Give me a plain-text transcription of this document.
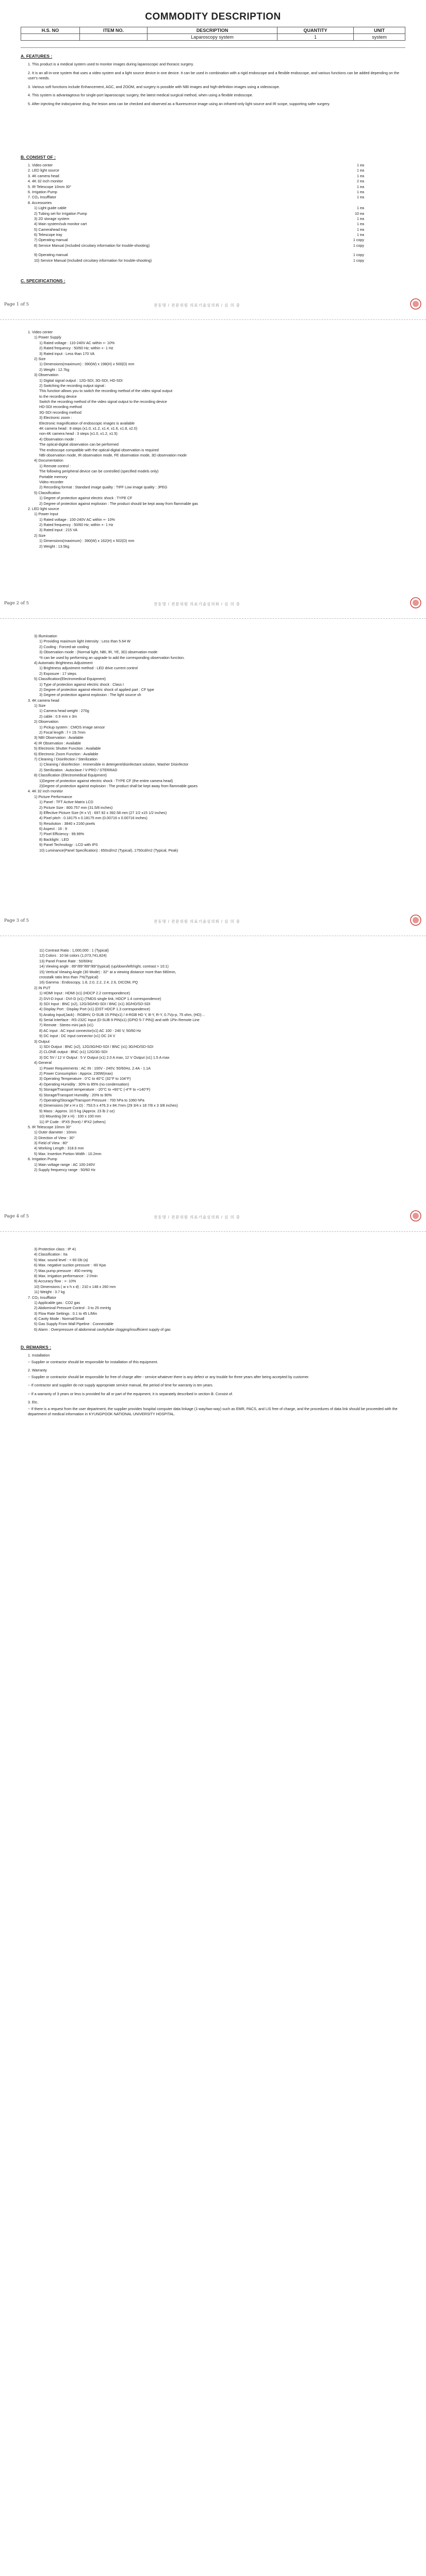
COMMODITY DESCRIPTION
H.S. NO	ITEM NO.	DESCRIPTION	QUANTITY	UNIT
		Laparoscopy system	1	system

A. FEATURES :

1. This product is a medical system used to monitor images during laparoscopic and thoracic surgery.

2. It is an all-in-one system that uses a video system and a light source device in one device. It can be used in combination with a rigid endoscope and a flexible endoscope, and various functions can be added depending on the user's needs.

3. Various soft functions include Enhancement, AGC, and ZOOM, and surgery is possible with NBI images and high-definition images using a videoscope.

4. This system is advantageous for single-port laparoscopic surgery, the latest medical surgical method, when using a flexible endoscope.

5. After injecting the indocyanine drug, the lesion area can be checked and observed as a fluorescence image using an infrared-only light source and IR scope, supporting safer surgery.

B. CONSIST OF :

1. Video center	1 ea
2. LED light source	1 ea
3. 4K camera head	1 ea
4. 4K 32 inch monitor	2 ea
5. IR Telescope 10mm 30°	1 ea
6. Irrigation Pump	1 ea
7. CO₂ Insufflator	1 ea
8. Accessories
1) Light guide cable	1 ea
2) Tubing set for Irrigation Pump	10 ea
3) 2D storage system	1 ea
4) Main system/sub monitor cart	1 ea
5) Camerahead tray	1 ea
6) Telescope tray	1 ea
7) Operating manual	1 copy
8) Service Manual (Included circuitary information for trouble-shooting)	1 copy
9) Operating manual	1 copy
10) Service Manual (Included circuitary information for trouble-shooting)	1 copy

C. SPECIFICATIONS :

Page 1 of 5	전동명 / 전문위원 의료기술심의회 / 심 의 중
1. Video center
1) Power Supply
1) Rated voltage : 110-240V AC within +- 10%
2) Rated frequency : 50/60 Hz; within +- 1 Hz
3) Rated input : Less than 170 VA
2) Size
1) Dimensions(maximum) : 390(W) x 198(H) x 500(D) mm
2) Weight : 12.7kg
3) Observation
1) Digital signal output : 12G-SDI, 3G-SDI, HD-SDI
2) Switching the recording output signal :
This function allows you to switch the recording method of the video signal output
to the recording device
Switch the recording method of the video signal output to the recording device
HD-SDI recording method
3G-SDI recording method
3) Electronic zoom :
Electronic magnification of endoscopic images is available
4K camera head : 8 steps (x1.0, x1.2, x1.4, x1.6, x1.8, x2.0)
non-4K camera head : 3 steps (x1.0, x1.2, x1.5)
4) Observation mode :
The optical-digital observation can be performed
The endoscope compatible with the optical-digital observation is required
NBI observation mode, IR observation mode, FE observation mode, 3D observation mode
4) Documentation
1) Remote control :
The following peripheral device can be controlled (specified models only)
Portable memory
Video recorder
2) Recording format : Standard image quality : TIFF Low image quality : JPEG
5) Classification
1) Degree of protection against electric shock : TYPE CF
2) Degree of protection against explosion : The product should be kept away from flammable gas
2. LED light source
1) Power Input
1) Rated voltage : 100-240V AC within +- 10%
2) Rated frequency : 50/60 Hz; within +- 1 Hz
3) Rated input : 215 VA
2) Size
1) Dimensions(maximum) : 390(W) x 162(H) x 502(D) mm
2) Weight : 13.5kg
Page 2 of 5	전동명 / 전문위원 의료기술심의회 / 심 의 중
3) Illumination
1) Providing maximum light intensity : Less than 5.64 W
2) Cooling : Forced-air cooling
3) Observation mode : (Normal light, NBI, IR, YE, 3D) observation mode
*It can be used by performing an upgrade to add the corresponding observation function.
4) Automatic Brightness Adjustment
1) Brightness adjustment method : LED drive current control
2) Exposure : 17 steps
5) Classification(Electromedical Equipment)
1) Type of protection against electric shock : Class I
2) Degree of protection against electric shock of applied part : CF type
3) Degree of protection against explosion : The light source sh
3. 4K camera head
1) Size
1) Camera head weight : 270g
2) cable : 0.9 mm x 3m
2) Observation
1) Pickup system : CMOS image sensor
2) Focal length : f = 19.7mm
3) NBI Observation : Available
4) IR Observation : Available
5) Electronic Shutter Function : Available
6) Electronic Zoom Function : Available
7) Cleaning / Disinfection / Sterilization
1) Cleaning / disinfection : Immersible in detergent/disinfectant solution, Washer Disinfector
2) Sterilization : Autoclave / V-PRO / STERRAD
8) Classification (Electromedical Equipment)
1)Degree of protection against electric shock : TYPE CF (the entire camera head)
2)Degree of protection against explosion : The product shall be kept away from flammable gases
4. 4K 32 inch monitor
1) Picture Performance
1) Panel : TFT Active Matrix LCD
2) Picture Size : 800.757 mm (31.5/8 inches)
3) Effective Picture Size (H x V) : 697.92 x 392.58 mm (27 1/2 x15 1/2 inches)
4) Pixel pitch : 0.18175 x 0.18175 mm (0.00716 x 0.00716 inches)
5) Resolution : 3840 x 2160 pixels
6) Aspect : 16 : 9
7) Pixel Efficiency : 99.99%
8) Backlight : LED
9) Panel Technology : LCD with IPS
10) Luminance(Panel Specification) : 650cd/m2 (Typical), 1750cd/m2 (Typical, Peak)
Page 3 of 5	전동명 / 전문위원 의료기술심의회 / 심 의 중
11) Contrast Ratio : 1,000,000 : 1 (Typical)
12) Colors : 10 bit colors (1,073,741,824)
13) Panel Frame Rate : 50/60Hz
14) Viewing angle : 89°/89°/89°/89°(typical) (up/down/left/right, contrast > 10:1)
15) Vertical Viewing Angle (30 Mode) : 32° at a viewing distance more than 680mm,
crosstalk ratio less than 7%(Typical)
16) Gamma : Endoscopy, 1.8, 2.0, 2.2, 2.4, 2.6, DICOM, PQ
2) IN PUT
1) HDMI Input : HDMI (x1) (HDCP 2.2 correspondence)
2) DVI-D Input : DVI-D (x1) (TMDS single link, HDCP 1.4 correspondence)
3) SDI Input : BNC (x2), 12G/3G/HD-SDI / BNC (x1) 3G/HD/SD-SDI
4) Display Port : Display Port (x1) (DST HDCP 1.3 correspondence)
5) Analog Input(Jack) : RGBHV, D-SUB 15 PIN(x1) / 4-RGB HD Y, B-Y, R-Y, 0.7Vp-p, 75 ohm, (HD)…
6) Serial Interface : RS-232C Input (D-SUB 9 PIN(x1) (GPIO 5-7 PIN)) and with 1Pin Remote Line
7) Remote : Stereo mini jack (x1)
8) AC input : AC input connector(x1) AC 100 - 240 V, 50/60 Hz
9) DC input : DC input connector (x1) DC 24 V
3) Output
1) SDI Output : BNC (x2), 12G/3G/HD-SDI / BNC (x1) 3G/HD/SD-SDI
2) CLONE output : BNC (x1) 12G/3G-SDI
3) DC 5V / 12 V Output : 5 V Output (x1) 2.0 A max, 12 V Output (x1) 1.5 A max
4) General
1) Power Requirements : AC IN : 100V - 240V, 50/60Hz, 2.4A - 1.1A
2) Power Consumption : Approx. 230W(max)
3) Operating Temperature : 0°C to 40°C (32°F to 104°F)
4) Operating Humidity : 30% to 85% (no condensation)
5) Storage/Transport temperature : -20°C to +60°C (-4°F to +140°F)
6) Storage/Transport Humidity : 20% to 90%
7) Operating/Storage/Transport Pressure : 700 hPa to 1060 hPa
8) Dimensions (W x H x D) : 753.5 x 476.3 x 84.7mm (29 3/4 x 18 7/8 x 3 3/8 inches)
9) Mass : Approx. 10.5 kg (Approx. 23 lb 2 oz)
10) Mounting (W x H) : 100 x 100 mm
11) IP Code : IPX5 (front) / IPX2 (others)
5. IR Telescope 10mm 30°
1) Outer diameter : 10mm
2) Direction of View : 30°
3) Field of View : 80°
4) Working Length : 318.6 mm
5) Max. Insertion Portion Width : 10.2mm
6. Irrigation Pump
1) Main voltage range : AC 100-240V
2) Supply frequency range : 50/60 Hz
Page 4 of 5	전동명 / 전문위원 의료기술심의회 / 심 의 중
3) Protection class : IP 41
4) Classification : IIa
5) Max. sound level : < 60 Db (a)
6) Max. negative suction pressure : -60 Kpa
7) Max.pump pressure : 450 mmHg
8) Max. irrigation performance : 2 l/min
9) Accuracy flow : +- 10%
10) Dimensions ( w x h x d) : 210 x 148 x 260 mm
11) Weight : 3.7 kg
7. CO₂ Insufflator
1) Applicable gas : CO2 gas
2) Abdominal Pressure Control : 3 to 25 mmHg
3) Flow Rate Settings : 0.1 to 45 L/Min
4) Cavity Mode : Normal/Small
5) Gas Supply From Wall Pipeline : Connectable
6) Alarm : Overpressure of abdominal cavity/tube clogging/insufficient supply of gas

D. REMARKS :

1. Installation

-- Supplier or contractor should be responsible for installation of this equipment.

2. Warranty

-- Supplier or contractor should be responsible for free of charge after - service whatever there is any defect or any trouble for three years after being accepted by customer.

-- If contractor and supplier do not supply appropriate service manual, the period of time for warranty is ten years.

-- If a warranty of 3 years or less is provided for all or part of the equipment, it is separately described in section B. Consist of.

3. Etc.

-- If there is a request from the user department, the supplier provides hospital computer data linkage (1-way/two-way) such as EMR, PACS, and LIS free of charge, and the procedures of data link should be proceeded with the department of medical information in KYUNGPOOK NATIONAL UNIVERSITY HOSPITAL.
